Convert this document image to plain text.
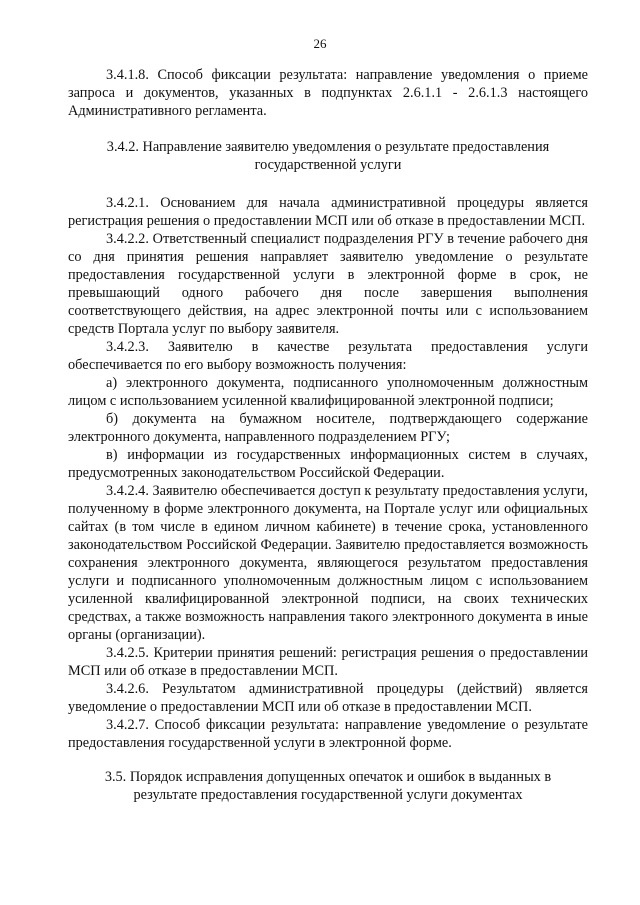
26

3.4.1.8. Способ фиксации результата: направление уведомления о приеме запроса и документов, указанных в подпунктах 2.6.1.1 - 2.6.1.3 настоящего Административного регламента.

3.4.2. Направление заявителю уведомления о результате предоставления государственной услуги

3.4.2.1. Основанием для начала административной процедуры является регистрация решения о предоставлении МСП или об отказе в предоставлении МСП.

3.4.2.2. Ответственный специалист подразделения РГУ в течение рабочего дня со дня принятия решения направляет заявителю уведомление о результате предоставления государственной услуги в электронной форме в срок, не превышающий одного рабочего дня после завершения выполнения соответствующего действия, на адрес электронной почты или с использованием средств Портала услуг по выбору заявителя.

3.4.2.3. Заявителю в качестве результата предоставления услуги обеспечивается по его выбору возможность получения:

а) электронного документа, подписанного уполномоченным должностным лицом с использованием усиленной квалифицированной электронной подписи;

б) документа на бумажном носителе, подтверждающего содержание электронного документа, направленного подразделением РГУ;

в) информации из государственных информационных систем в случаях, предусмотренных законодательством Российской Федерации.

3.4.2.4. Заявителю обеспечивается доступ к результату предоставления услуги, полученному в форме электронного документа, на Портале услуг или официальных сайтах (в том числе в едином личном кабинете) в течение срока, установленного законодательством Российской Федерации. Заявителю предоставляется возможность сохранения электронного документа, являющегося результатом предоставления услуги и подписанного уполномоченным должностным лицом с использованием усиленной квалифицированной электронной подписи, на своих технических средствах, а также возможность направления такого электронного документа в иные органы (организации).

3.4.2.5. Критерии принятия решений: регистрация решения о предоставлении МСП или об отказе в предоставлении МСП.

3.4.2.6. Результатом административной процедуры (действий) является уведомление о предоставлении МСП или об отказе в предоставлении МСП.

3.4.2.7. Способ фиксации результата: направление уведомление о результате предоставления государственной услуги в электронной форме.

3.5. Порядок исправления допущенных опечаток и ошибок в выданных в результате предоставления государственной услуги документах
